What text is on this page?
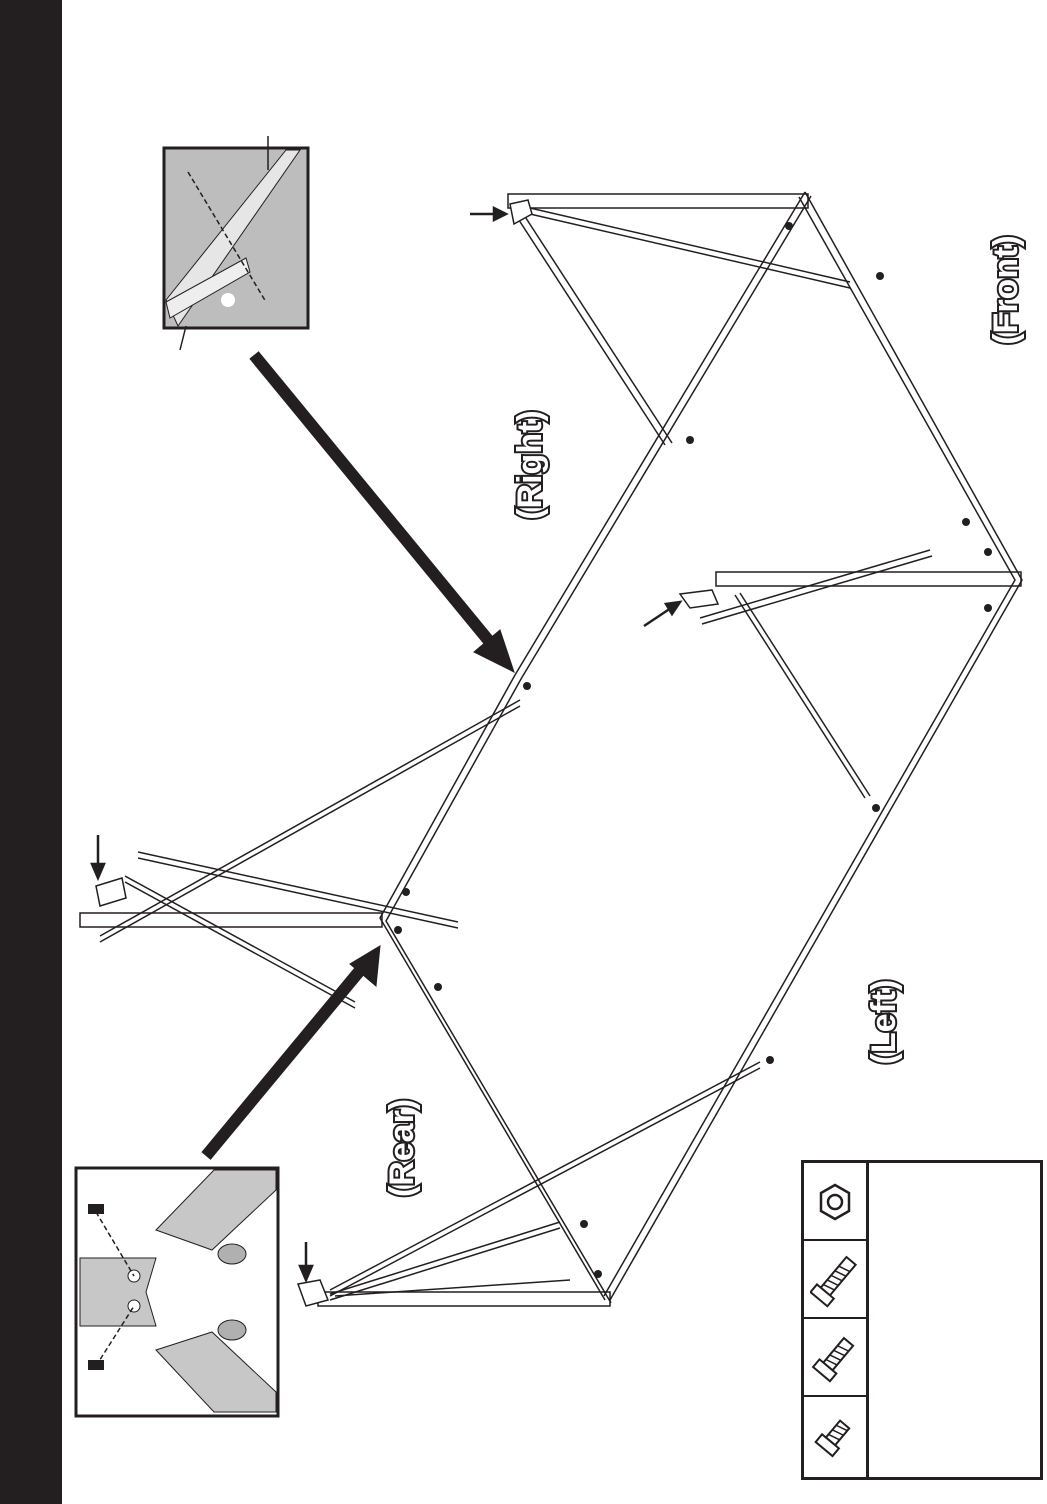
(Right)
(Front)
(Left)
(Rear)
